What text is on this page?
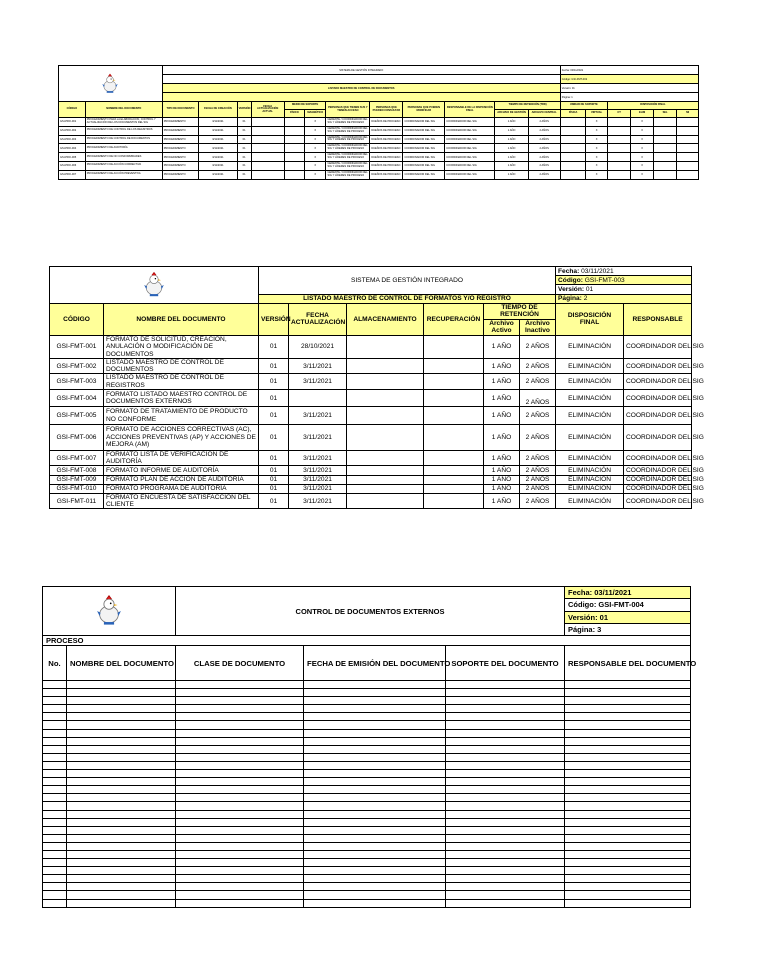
	SISTEMA DE GESTIÓN INTEGRADO												Fecha: 03/11/2021					
														Código: GSI-FMT-002					
		LISTADO MAESTRO DE CONTROL DE DOCUMENTOS												Versión: 01					
														Página: 1					
CÓDIGO	NOMBRE DEL DOCUMENTO	TIPO DE DOCUMENTO	FECHA DE CREACIÓN	VERSIÓN	FECHA ACTUALIZACIÓN ACTUAL	MEDIO DE SOPORTE		PERSONAS QUE TIENEN SUS Y TIENEN ACCESO	PERSONAS QUE PUEDEN CONSULTAR	PERSONAS QUE PUEDEN MODIFICAR	RESPONSABLE DE LA DISPOSICIÓN FINAL	TIEMPO DE RETENCIÓN (TRD)		UNIDAD DE SOPORTE		DISPOSICIÓN FINAL			
						FÍSICO	MAGNÉTICO					ARCHIVO DE GESTIÓN	ARCHIVO CENTRAL	FÍSICA	VIRTUAL	CT	ELIM	SEL	MI
GSI-PRO-001	PROCEDIMIENTO PARA LA ELABORACIÓN, CONTROL Y ACTUALIZACIÓN DE LOS DOCUMENTOS DEL SIG	PROCEDIMIENTO	3/11/2021	01			X	GERENTE / COORDINADOR DEL SIG Y LÍDERES DE PROCESO	DUEÑOS DE PROCESO	COORDINADOR DEL SIG	COORDINADOR DEL SIG	1 AÑO	2 AÑOS		X		X		
GSI-PRO-002	PROCEDIMIENTO DE CONTROL DE LOS REGISTROS	PROCEDIMIENTO	3/11/2021	01			X	GERENTE / COORDINADOR DEL SIG Y LÍDERES DE PROCESO	DUEÑOS DE PROCESO	COORDINADOR DEL SIG	COORDINADOR DEL SIG	1 AÑO	2 AÑOS		X		X		
GSI-PRO-003	PROCEDIMIENTO DE CONTROL DE DOCUMENTOS	PROCEDIMIENTO	3/11/2021	01			X	GERENTE / COORDINADOR DEL SIG Y LÍDERES DE PROCESO	DUEÑOS DE PROCESO	COORDINADOR DEL SIG	COORDINADOR DEL SIG	1 AÑO	2 AÑOS		X		X		
GSI-PRO-004	PROCEDIMIENTO DE AUDITORÍA	PROCEDIMIENTO	3/11/2021	01			X	GERENTE / COORDINADOR DEL SIG Y LÍDERES DE PROCESO	DUEÑOS DE PROCESO	COORDINADOR DEL SIG	COORDINADOR DEL SIG	1 AÑO	2 AÑOS		X		X		
GSI-PRO-005	PROCEDIMIENTO DE NO CONFORMIDADES	PROCEDIMIENTO	3/11/2021	01			X	GERENTE / COORDINADOR DEL SIG Y LÍDERES DE PROCESO	DUEÑOS DE PROCESO	COORDINADOR DEL SIG	COORDINADOR DEL SIG	1 AÑO	2 AÑOS		X		X		
GSI-PRO-006	PROCEDIMIENTO DE ACCIÓN CORRECTIVA	PROCEDIMIENTO	3/11/2021	01			X	GERENTE / COORDINADOR DEL SIG Y LÍDERES DE PROCESO	DUEÑOS DE PROCESO	COORDINADOR DEL SIG	COORDINADOR DEL SIG	1 AÑO	2 AÑOS		X		X		
GSI-PRO-007	PROCEDIMIENTO DE ACCIÓN PREVENTIVA	PROCEDIMIENTO	3/11/2021	01			X	GERENTE / COORDINADOR DEL SIG Y LÍDERES DE PROCESO	DUEÑOS DE PROCESO	COORDINADOR DEL SIG	COORDINADOR DEL SIG	1 AÑO	2 AÑOS		X		X		
	SISTEMA DE GESTIÓN INTEGRADO						Fecha: 03/11/2021	
								Código: GSI-FMT-003	
								Versión: 01	
		LISTADO MAESTRO DE CONTROL DE FORMATOS Y/O REGISTRO						Página: 2	
CÓDIGO	NOMBRE DEL DOCUMENTO	VERSIÓN	FECHA ACTUALIZACIÓN	ALMACENAMIENTO	RECUPERACIÓN	TIEMPO DE RETENCIÓN		DISPOSICIÓN FINAL	RESPONSABLE
						Archivo Activo	Archivo Inactivo		

GSI-FMT-001	FORMATO DE SOLICITUD, CREACIÓN, ANULACIÓN O MODIFICACIÓN DE DOCUMENTOS	01	28/10/2021			1 AÑO	2 AÑOS	ELIMINACIÓN	COORDINADOR DEL SIG
GSI-FMT-002	LISTADO MAESTRO DE CONTROL DE DOCUMENTOS	01	3/11/2021			1 AÑO	2 AÑOS	ELIMINACIÓN	COORDINADOR DEL SIG
GSI-FMT-003	LISTADO MAESTRO DE CONTROL DE REGISTROS	01	3/11/2021			1 AÑO	2 AÑOS	ELIMINACIÓN	COORDINADOR DEL SIG
GSI-FMT-004	FORMATO LISTADO MAESTRO CONTROL DE DOCUMENTOS EXTERNOS	01				1 AÑO	2 AÑOS	ELIMINACIÓN	COORDINADOR DEL SIG
GSI-FMT-005	FORMATO DE TRATAMIENTO DE PRODUCTO NO CONFORME	01	3/11/2021			1 AÑO	2 AÑOS	ELIMINACIÓN	COORDINADOR DEL SIG
GSI-FMT-006	FORMATO DE ACCIONES CORRECTIVAS (AC), ACCIONES PREVENTIVAS (AP) Y ACCIONES DE MEJORA (AM)	01	3/11/2021			1 AÑO	2 AÑOS	ELIMINACIÓN	COORDINADOR DEL SIG
GSI-FMT-007	FORMATO LISTA DE VERIFICACIÓN DE AUDITORÍA	01	3/11/2021			1 AÑO	2 AÑOS	ELIMINACIÓN	COORDINADOR DEL SIG
GSI-FMT-008	FORMATO INFORME DE AUDITORÍA	01	3/11/2021			1 AÑO	2 AÑOS	ELIMINACIÓN	COORDINADOR DEL SIG
GSI-FMT-009	FORMATO PLAN DE ACCIÓN DE AUDITORÍA	01	3/11/2021			1 AÑO	2 AÑOS	ELIMINACIÓN	COORDINADOR DEL SIG
GSI-FMT-010	FORMATO PROGRAMA DE AUDITORÍA	01	3/11/2021			1 AÑO	2 AÑOS	ELIMINACIÓN	COORDINADOR DEL SIG
GSI-FMT-011	FORMATO ENCUESTA DE SATISFACCIÓN DEL CLIENTE	01	3/11/2021			1 AÑO	2 AÑOS	ELIMINACIÓN	COORDINADOR DEL SIG
	CONTROL DE DOCUMENTOS EXTERNOS			Fecha: 03/11/2021
					Código: GSI-FMT-004
					Versión: 01
					Página: 3
PROCESO					
No.	NOMBRE DEL DOCUMENTO	CLASE DE DOCUMENTO	FECHA DE EMISIÓN DEL DOCUMENTO	SOPORTE DEL DOCUMENTO	RESPONSABLE DEL DOCUMENTO
